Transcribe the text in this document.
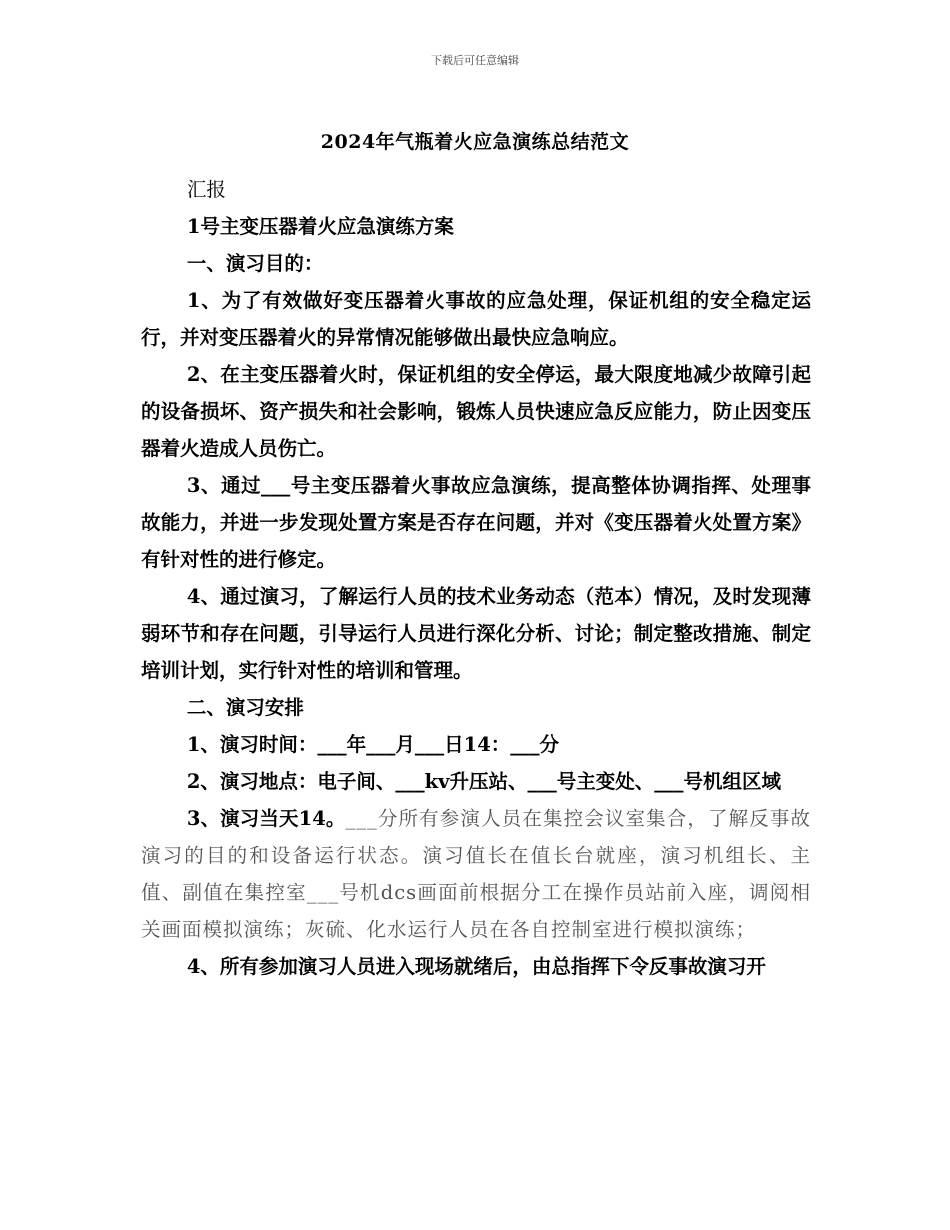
下载后可任意编辑
2024年气瓶着火应急演练总结范文

汇报

1号主变压器着火应急演练方案

一、演习目的：

1、为了有效做好变压器着火事故的应急处理，保证机组的安全稳定运行，并对变压器着火的异常情况能够做出最快应急响应。

2、在主变压器着火时，保证机组的安全停运，最大限度地减少故障引起的设备损坏、资产损失和社会影响，锻炼人员快速应急反应能力，防止因变压器着火造成人员伤亡。

3、通过___号主变压器着火事故应急演练，提高整体协调指挥、处理事故能力，并进一步发现处置方案是否存在问题，并对《变压器着火处置方案》有针对性的进行修定。

4、通过演习，了解运行人员的技术业务动态（范本）情况，及时发现薄弱环节和存在问题，引导运行人员进行深化分析、讨论；制定整改措施、制定培训计划，实行针对性的培训和管理。

二、演习安排

1、演习时间：___年___月___日14：___分

2、演习地点：电子间、___kv升压站、___号主变处、___号机组区域

3、演习当天14。___分所有参演人员在集控会议室集合，了解反事故演习的目的和设备运行状态。演习值长在值长台就座，演习机组长、主值、副值在集控室___号机dcs画面前根据分工在操作员站前入座，调阅相关画面模拟演练；灰硫、化水运行人员在各自控制室进行模拟演练；

4、所有参加演习人员进入现场就绪后，由总指挥下令反事故演习开
